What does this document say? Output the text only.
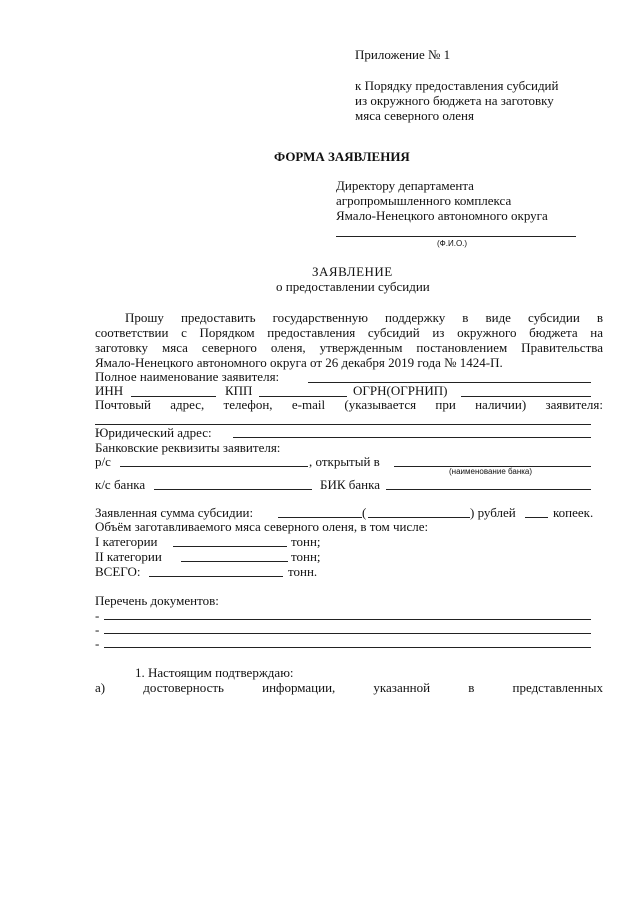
Приложение № 1
к Порядку предоставления субсидий
из окружного бюджета на заготовку
мяса северного оленя
ФОРМА ЗАЯВЛЕНИЯ
Директору департамента
агропромышленного комплекса
Ямало-Ненецкого автономного округа
(Ф.И.О.)
ЗАЯВЛЕНИЕ
о предоставлении субсидии
Прошу предоставить государственную поддержку в виде субсидии в
соответствии с Порядком предоставления субсидий из окружного бюджета на
заготовку мяса северного оленя, утвержденным постановлением Правительства
Ямало-Ненецкого автономного округа от 26 декабря 2019 года № 1424-П.
Полное наименование заявителя:
ИНН	КПП	ОГРН(ОГРНИП)
Почтовый адрес, телефон, e-mail (указывается при наличии) заявителя:
Юридический адрес:
Банковские реквизиты заявителя:
р/с	, открытый в
(наименование банка)
к/с банка	БИК банка
Заявленная сумма субсидии:	(	) рублей	копеек.
Объём заготавливаемого мяса северного оленя, в том числе:
I категории	тонн;
II категории	тонн;
ВСЕГО:	тонн.
Перечень документов:
-
-
-
1. Настоящим подтверждаю:
а)	достоверность	информации,	указанной	в	представленных
